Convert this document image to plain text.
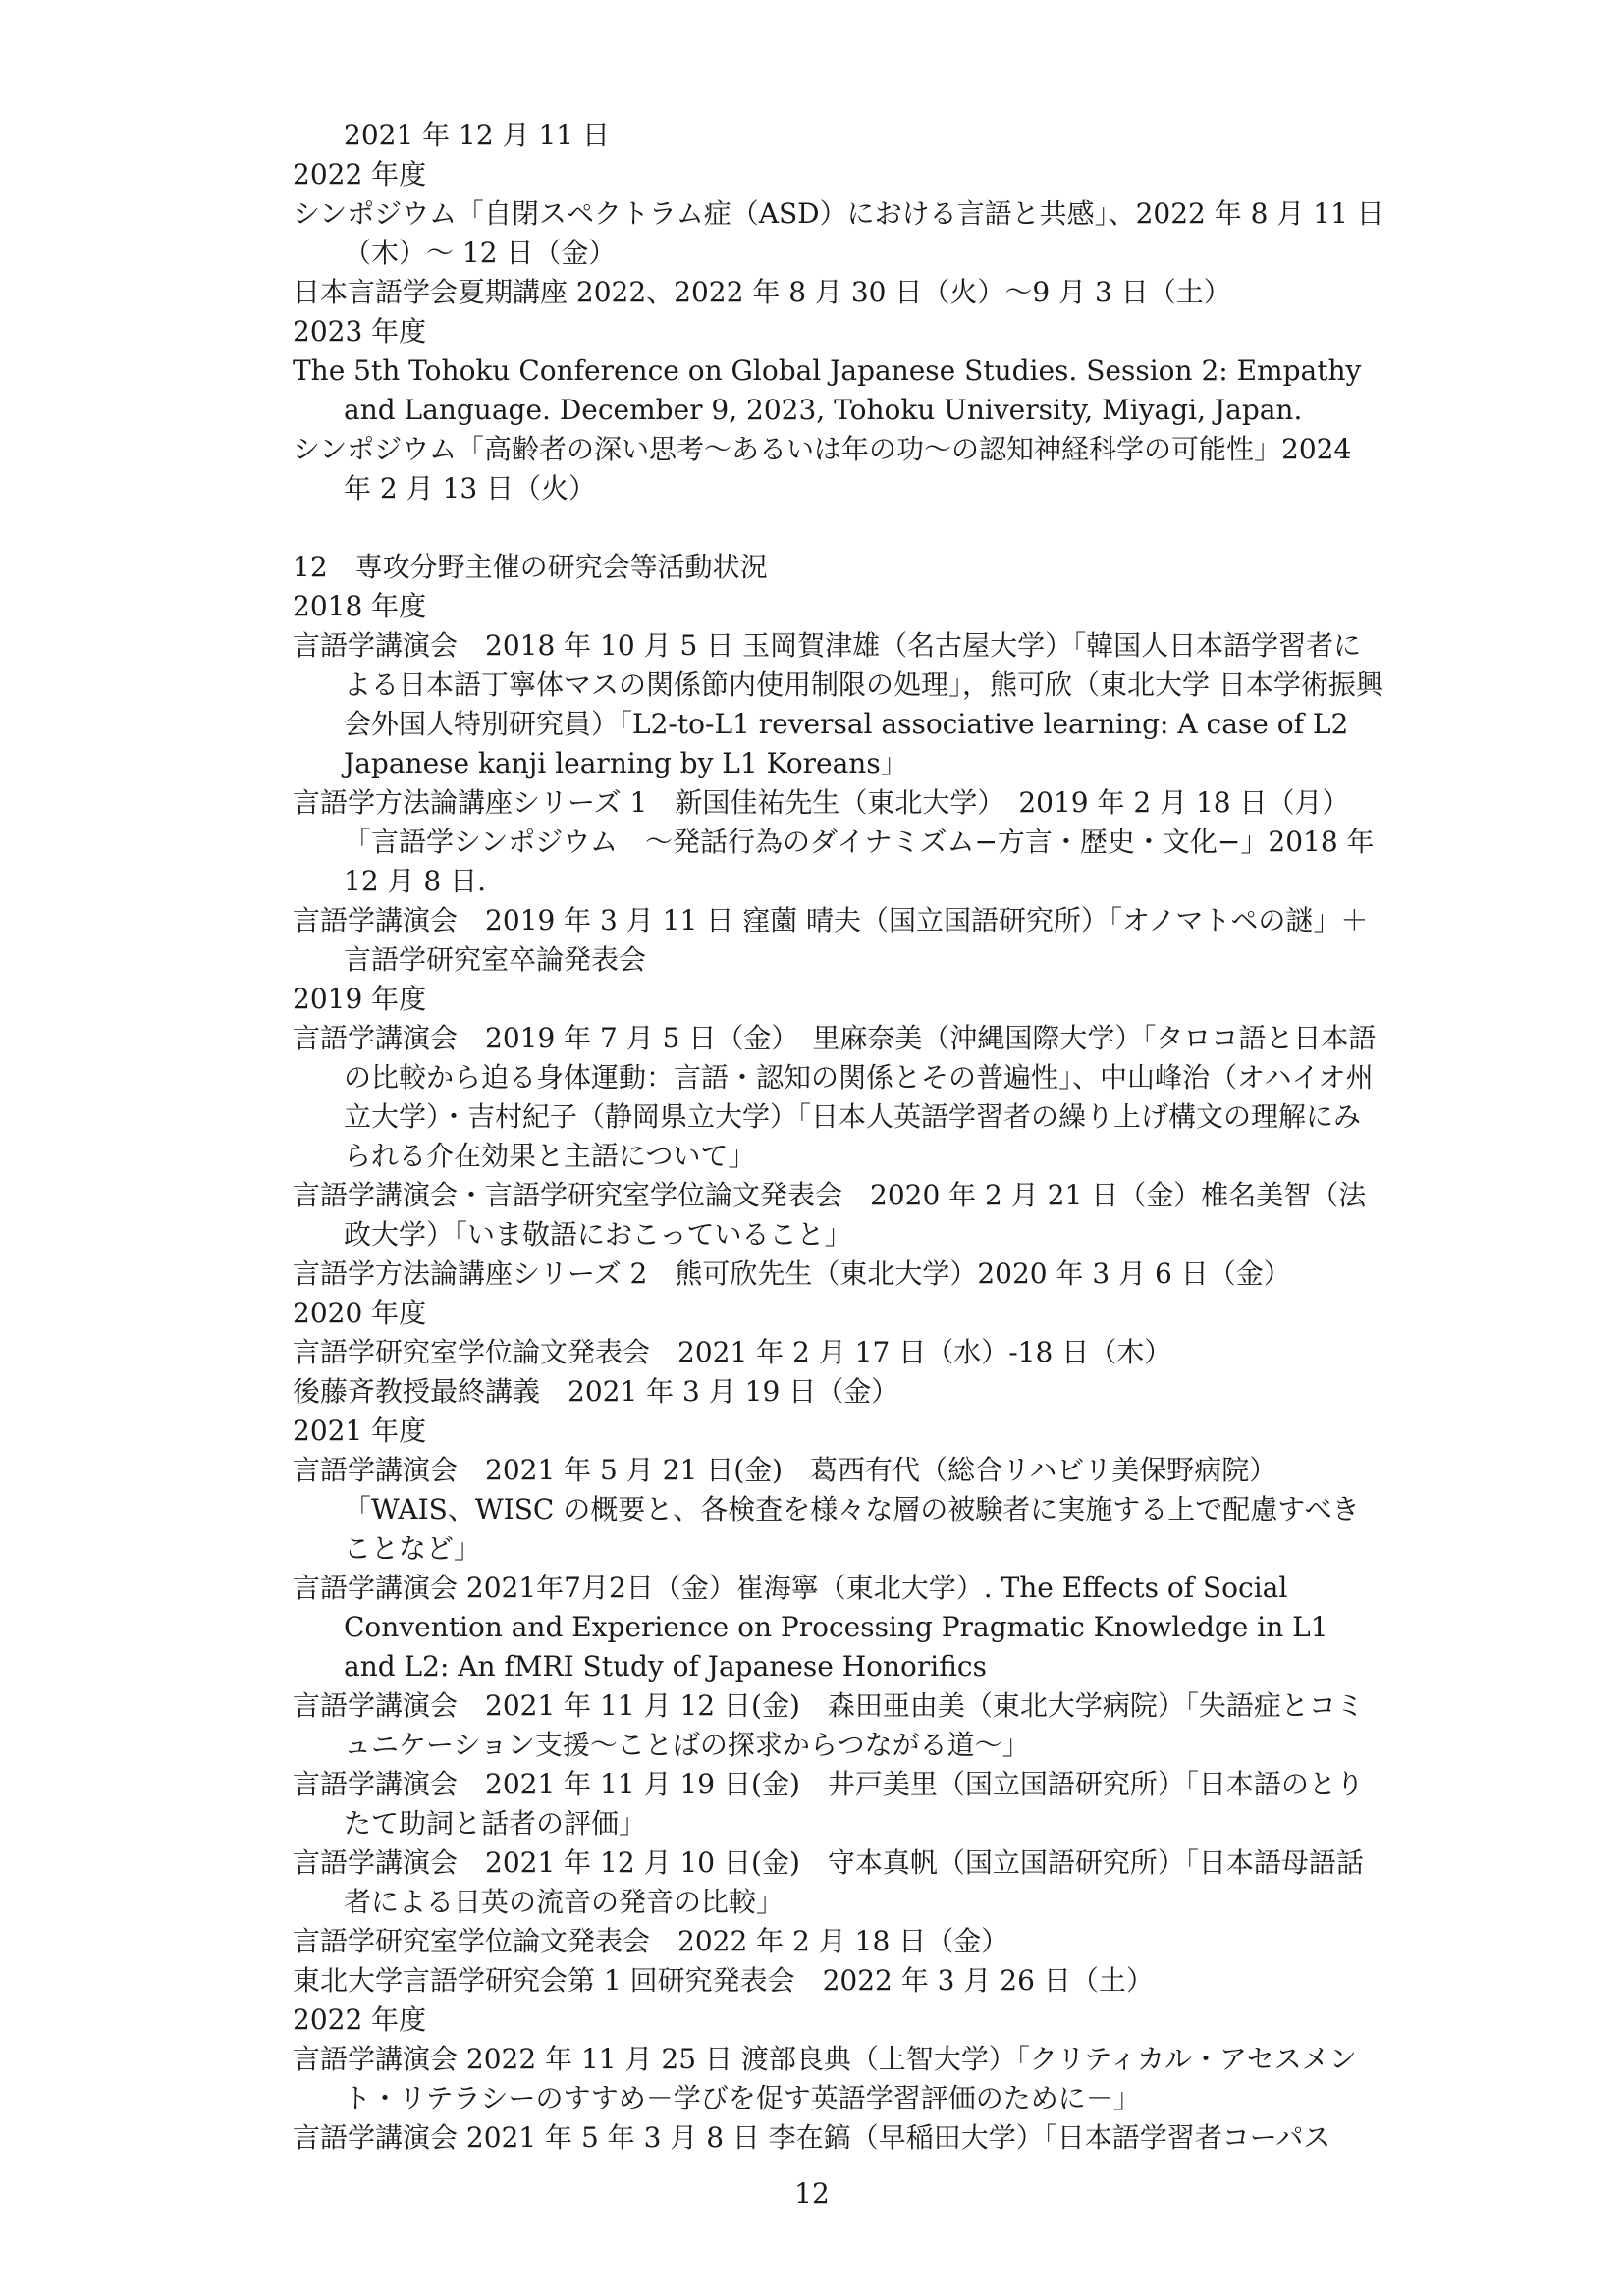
2021 年 12 月 11 日

2022 年度

シンポジウム「自閉スペクトラム症（ASD）における言語と共感」、2022 年 8 月 11 日（木）〜 12 日（金）

日本言語学会夏期講座 2022、2022 年 8 月 30 日（火）〜9 月 3 日（土）

2023 年度

The 5th Tohoku Conference on Global Japanese Studies. Session 2: Empathy and Language. December 9, 2023, Tohoku University, Miyagi, Japan.

シンポジウム「高齢者の深い思考〜あるいは年の功〜の認知神経科学の可能性」2024 年 2 月 13 日（火）

12　専攻分野主催の研究会等活動状況

2018 年度

言語学講演会　2018 年 10 月 5 日 玉岡賀津雄（名古屋大学）「韓国人日本語学習者による日本語丁寧体マスの関係節内使用制限の処理」，熊可欣（東北大学 日本学術振興会外国人特別研究員）「L2-to-L1 reversal associative learning: A case of L2 Japanese kanji learning by L1 Koreans」

言語学方法論講座シリーズ 1　新国佳祐先生（東北大学）　2019 年 2 月 18 日（月）「言語学シンポジウム　〜発話行為のダイナミズム−方言・歴史・文化−」2018 年 12 月 8 日.

言語学講演会　2019 年 3 月 11 日 窪薗 晴夫（国立国語研究所）「オノマトペの謎」＋言語学研究室卒論発表会

2019 年度

言語学講演会　2019 年 7 月 5 日（金）　里麻奈美（沖縄国際大学）「タロコ語と日本語の比較から迫る身体運動：言語・認知の関係とその普遍性」、中山峰治（オハイオ州立大学）・吉村紀子（静岡県立大学）「日本人英語学習者の繰り上げ構文の理解にみられる介在効果と主語について」

言語学講演会・言語学研究室学位論文発表会　2020 年 2 月 21 日（金）椎名美智（法政大学）「いま敬語におこっていること」

言語学方法論講座シリーズ 2　熊可欣先生（東北大学）2020 年 3 月 6 日（金）

2020 年度

言語学研究室学位論文発表会　2021 年 2 月 17 日（水）-18 日（木）

後藤斉教授最終講義　2021 年 3 月 19 日（金）

2021 年度

言語学講演会　2021 年 5 月 21 日(金)　葛西有代（総合リハビリ美保野病院）「WAIS、WISC の概要と、各検査を様々な層の被験者に実施する上で配慮すべきことなど」

言語学講演会 2021年7月2日（金）崔海寧（東北大学）. The Effects of Social Convention and Experience on Processing Pragmatic Knowledge in L1 and L2: An fMRI Study of Japanese Honorifics

言語学講演会　2021 年 11 月 12 日(金)　森田亜由美（東北大学病院）「失語症とコミュニケーション支援〜ことばの探求からつながる道〜」

言語学講演会　2021 年 11 月 19 日(金)　井戸美里（国立国語研究所）「日本語のとりたて助詞と話者の評価」

言語学講演会　2021 年 12 月 10 日(金)　守本真帆（国立国語研究所）「日本語母語話者による日英の流音の発音の比較」

言語学研究室学位論文発表会　2022 年 2 月 18 日（金）

東北大学言語学研究会第 1 回研究発表会　2022 年 3 月 26 日（土）

2022 年度

言語学講演会 2022 年 11 月 25 日 渡部良典（上智大学）「クリティカル・アセスメント・リテラシーのすすめ－学びを促す英語学習評価のために－」

言語学講演会 2021 年 5 年 3 月 8 日 李在鎬（早稲田大学）「日本語学習者コーパス

12
